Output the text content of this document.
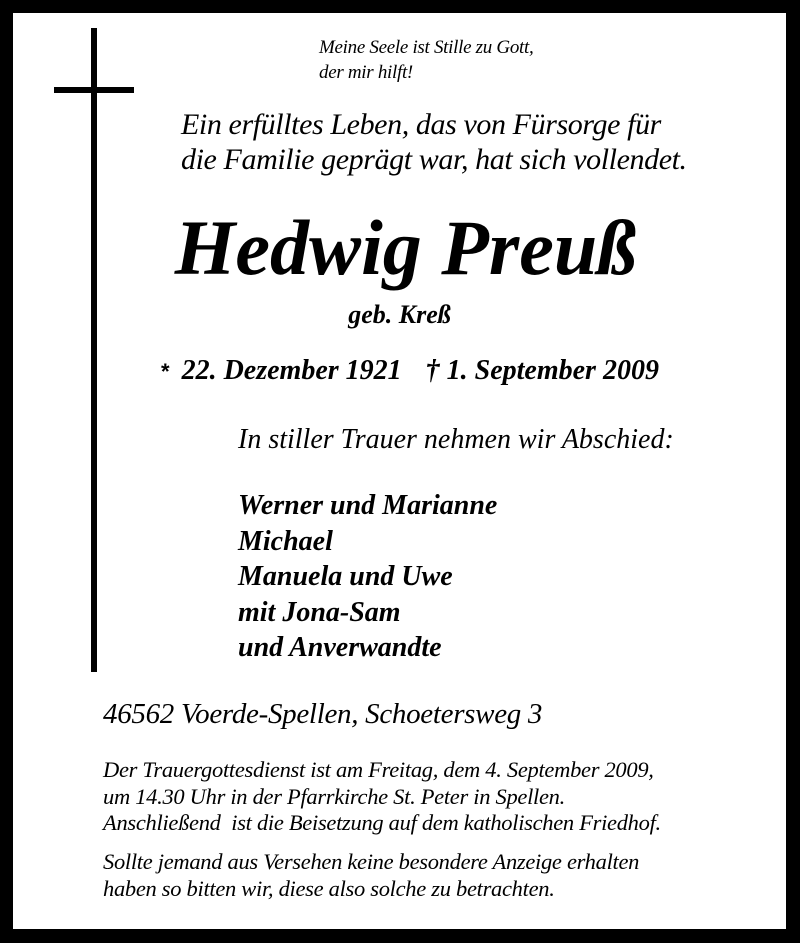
Meine Seele ist Stille zu Gott,
der mir hilft!
Ein erfülltes Leben, das von Fürsorge für
die Familie geprägt war, hat sich vollendet.
Hedwig Preuß
geb. Kreß
* 22. Dezember 1921 † 1. September 2009
In stiller Trauer nehmen wir Abschied:
Werner und Marianne
Michael
Manuela und Uwe
mit Jona-Sam
und Anverwandte
46562 Voerde-Spellen, Schoetersweg 3
Der Trauergottesdienst ist am Freitag, dem 4. September 2009,
um 14.30 Uhr in der Pfarrkirche St. Peter in Spellen.
Anschließend  ist die Beisetzung auf dem katholischen Friedhof.
Sollte jemand aus Versehen keine besondere Anzeige erhalten
haben so bitten wir, diese also solche zu betrachten.
